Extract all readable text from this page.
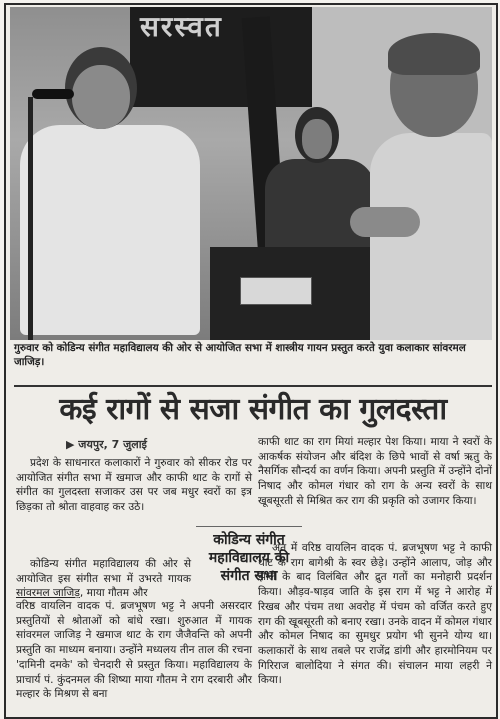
सरस्वत
गुरुवार को कोडिन्य संगीत महाविद्यालय की ओर से आयोजित सभा में शास्त्रीय गायन प्रस्तुत करते युवा कलाकार सांवरमल जाजिड़।
कई रागों से सजा संगीत का गुलदस्ता
▶ जयपुर, 7 जुलाई

प्रदेश के साधनारत कलाकारों ने गुरुवार को सीकर रोड पर आयोजित संगीत सभा में खमाज और काफी थाट के रागों से संगीत का गुलदस्ता सजाकर उस पर जब मधुर स्वरों का इत्र छिड़का तो श्रोता वाहवाह कर उठे।

कोडिन्य संगीत महाविद्यालय की ओर से आयोजित इस संगीत सभा में उभरते गायक सांवरमल जाजिड़, माया गौतम और

कोडिन्य संगीत महाविद्यालय की संगीत सभा

वरिष्ठ वायलिन वादक पं. ब्रजभूषण भट्ट ने अपनी असरदार प्रस्तुतियों से श्रोताओं को बांधे रखा। शुरुआत में गायक सांवरमल जाजिड़ ने खमाज थाट के राग जैजैवन्ति को अपनी प्रस्तुति का माध्यम बनाया। उन्होंने मध्यलय तीन ताल की रचना 'दामिनी दमके' को चेनदारी से प्रस्तुत किया। महाविद्यालय के प्राचार्य पं. कुंदनमल की शिष्या माया गौतम ने राग दरबारी और मल्हार के मिश्रण से बना

काफी थाट का राग मियां मल्हार पेश किया। माया ने स्वरों के आकर्षक संयोजन और बंदिश के छिपे भावों से वर्षा ऋतु के नैसर्गिक सौन्दर्य का वर्णन किया। अपनी प्रस्तुति में उन्होंने दोनों निषाद और कोमल गंधार को राग के अन्य स्वरों के साथ खूबसूरती से मिश्रित कर राग की प्रकृति को उजागर किया।

अंत में वरिष्ठ वायलिन वादक पं. ब्रजभूषण भट्ट ने काफी थाट के राग बागेश्री के स्वर छेड़े। उन्होंने आलाप, जोड़ और झाले के बाद विलंबित और द्रुत गतों का मनोहारी प्रदर्शन किया। औड़व-षाड़व जाति के इस राग में भट्ट ने आरोह में रिखब और पंचम तथा अवरोह में पंचम को वर्जित करते हुए राग की खूबसूरती को बनाए रखा। उनके वादन में कोमल गंधार और कोमल निषाद का सुमधुर प्रयोग भी सुनने योग्य था। कलाकारों के साथ तबले पर राजेंद्र डांगी और हारमोनियम पर गिरिराज बालोदिया ने संगत की। संचालन माया लहरी ने किया।
